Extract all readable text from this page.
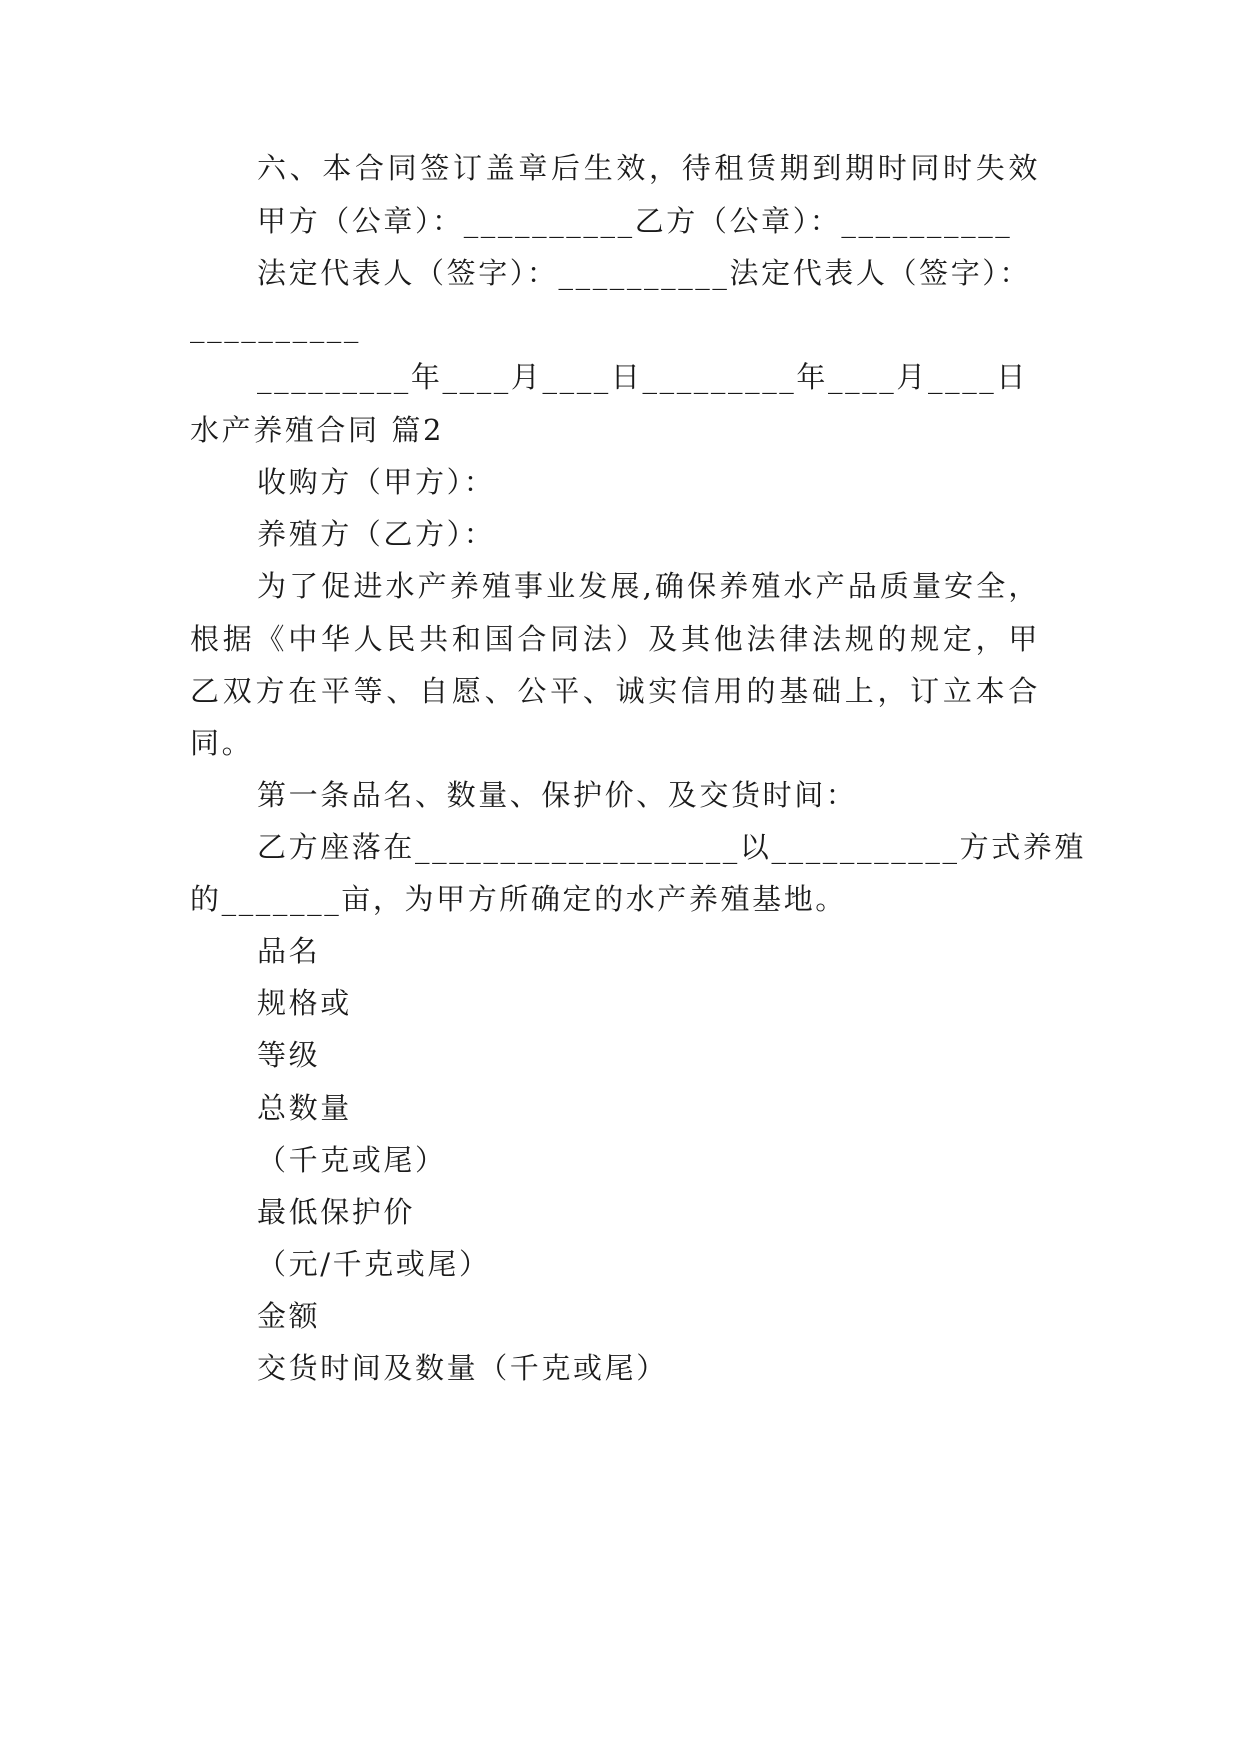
六、本合同签订盖章后生效，待租赁期到期时同时失效
甲方（公章）：__________乙方（公章）：__________
法定代表人（签字）：__________法定代表人（签字）：
__________
_________年____月____日_________年____月____日
水产养殖合同 篇2
收购方（甲方）：
养殖方（乙方）：
为了促进水产养殖事业发展,确保养殖水产品质量安全，
根据《中华人民共和国合同法）及其他法律法规的规定，甲
乙双方在平等、自愿、公平、诚实信用的基础上，订立本合
同。
第一条品名、数量、保护价、及交货时间：
乙方座落在___________________以___________方式养殖
的_______亩，为甲方所确定的水产养殖基地。
品名
规格或
等级
总数量
（千克或尾）
最低保护价
（元/千克或尾）
金额
交货时间及数量（千克或尾）
